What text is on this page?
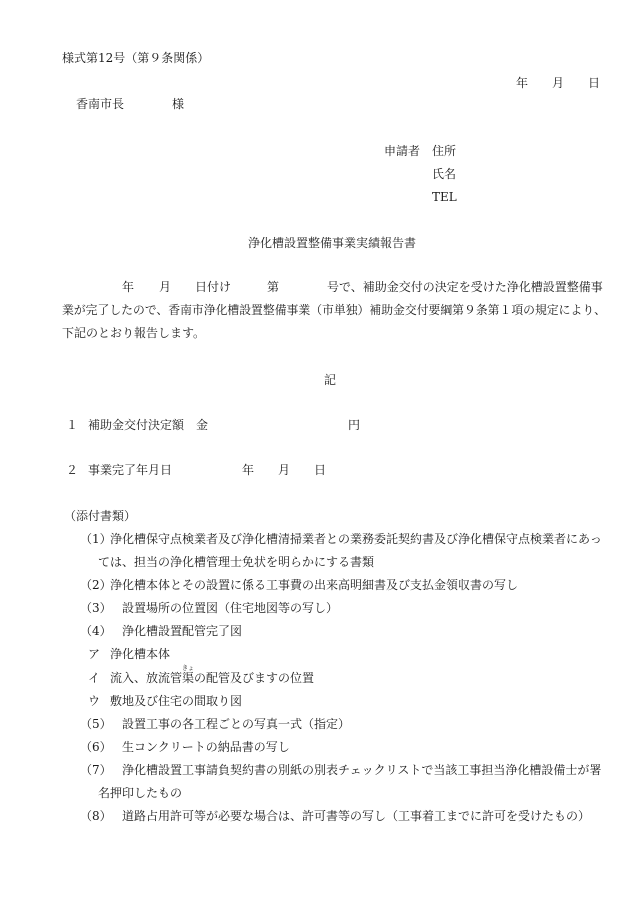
様式第12号（第９条関係）
年 月 日
香南市長	様
申請者 住所
氏名
TEL
浄化槽設置整備事業実績報告書
年 月 日付け	第	号で、補助金交付の決定を受けた浄化槽設置整備事
業が完了したので、香南市浄化槽設置整備事業（市単独）補助金交付要綱第９条第１項の規定により、
下記のとおり報告します。
記
１ 補助金交付決定額 金	円
２ 事業完了年月日	年 月 日
（添付書類）
（1）
浄化槽保守点検業者及び浄化槽清掃業者との業務委託契約書及び浄化槽保守点検業者にあっ
ては、担当の浄化槽管理士免状を明らかにする書類
（2）
浄化槽本体とその設置に係る工事費の出来高明細書及び支払金領収書の写し
（3） 設置場所の位置図（住宅地図等の写し）
（4） 浄化槽設置配管完了図
ア 浄化槽本体
イ 流入、放流管
きょ
渠の配管及びますの位置
ウ 敷地及び住宅の間取り図
（5） 設置工事の各工程ごとの写真一式（指定）
（6） 生コンクリートの納品書の写し
（7） 浄化槽設置工事請負契約書の別紙の別表チェックリストで当該工事担当浄化槽設備士が署
名押印したもの
（8） 道路占用許可等が必要な場合は、許可書等の写し（工事着工までに許可を受けたもの）
